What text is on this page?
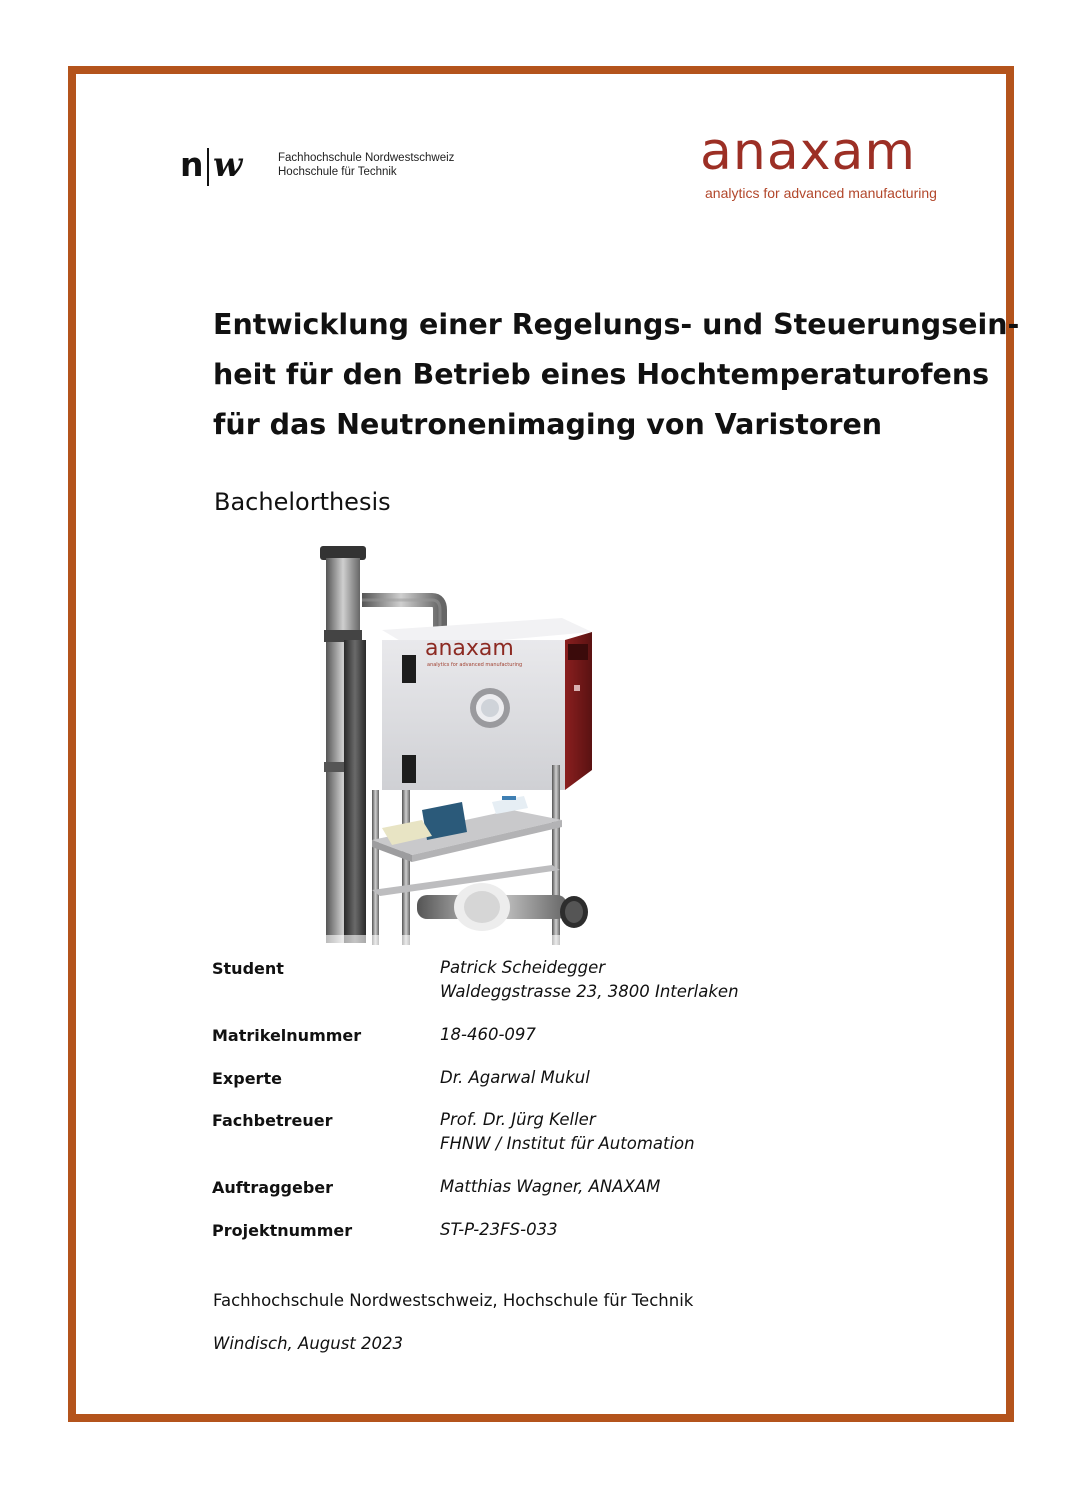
n w	Fachhochschule Nordwestschweiz
Hochschule für Technik	anaxam
analytics for advanced manufacturing
Entwicklung einer Regelungs- und Steuerungsein-
heit für den Betrieb eines Hochtemperaturofens
für das Neutronenimaging von Varistoren
Bachelorthesis
anaxam
analytics for advanced manufacturing
Student	Patrick Scheidegger
Waldeggstrasse 23, 3800 Interlaken
Matrikelnummer	18-460-097
Experte	Dr. Agarwal Mukul
Fachbetreuer	Prof. Dr. Jürg Keller
FHNW / Institut für Automation
Auftraggeber	Matthias Wagner, ANAXAM
Projektnummer	ST-P-23FS-033
Fachhochschule Nordwestschweiz, Hochschule für Technik
Windisch, August 2023
